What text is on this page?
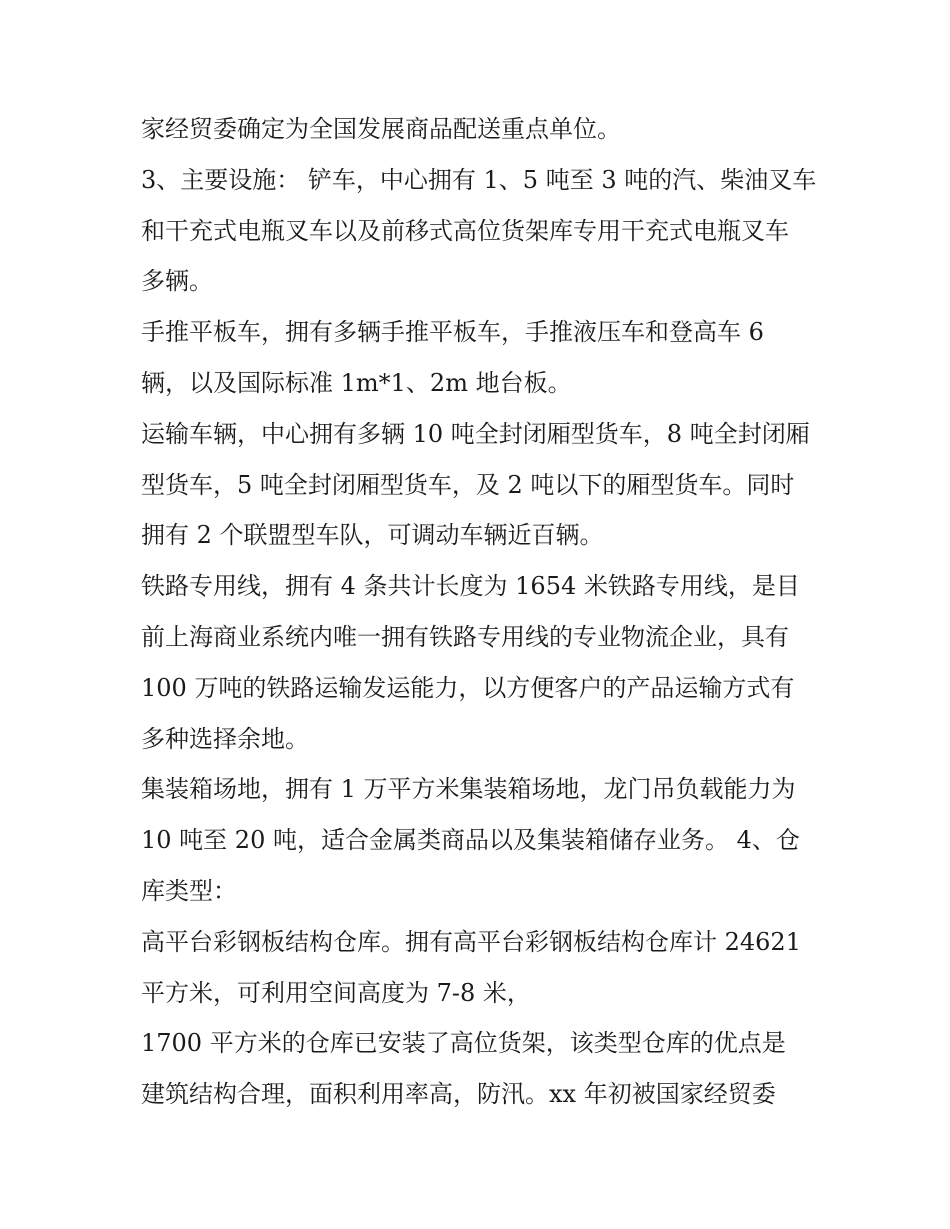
家经贸委确定为全国发展商品配送重点单位。
3、主要设施： 铲车，中心拥有 1、5 吨至 3 吨的汽、柴油叉车
和干充式电瓶叉车以及前移式高位货架库专用干充式电瓶叉车
多辆。
手推平板车，拥有多辆手推平板车，手推液压车和登高车 6
辆，以及国际标准 1m*1、2m 地台板。
运输车辆，中心拥有多辆 10 吨全封闭厢型货车，8 吨全封闭厢
型货车，5 吨全封闭厢型货车，及 2 吨以下的厢型货车。同时
拥有 2 个联盟型车队，可调动车辆近百辆。
铁路专用线，拥有 4 条共计长度为 1654 米铁路专用线，是目
前上海商业系统内唯一拥有铁路专用线的专业物流企业，具有
100 万吨的铁路运输发运能力，以方便客户的产品运输方式有
多种选择余地。
集装箱场地，拥有 1 万平方米集装箱场地，龙门吊负载能力为
10 吨至 20 吨，适合金属类商品以及集装箱储存业务。 4、仓
库类型：
高平台彩钢板结构仓库。拥有高平台彩钢板结构仓库计 24621
平方米，可利用空间高度为 7-8 米，
1700 平方米的仓库已安装了高位货架，该类型仓库的优点是
建筑结构合理，面积利用率高，防汛。xx 年初被国家经贸委
